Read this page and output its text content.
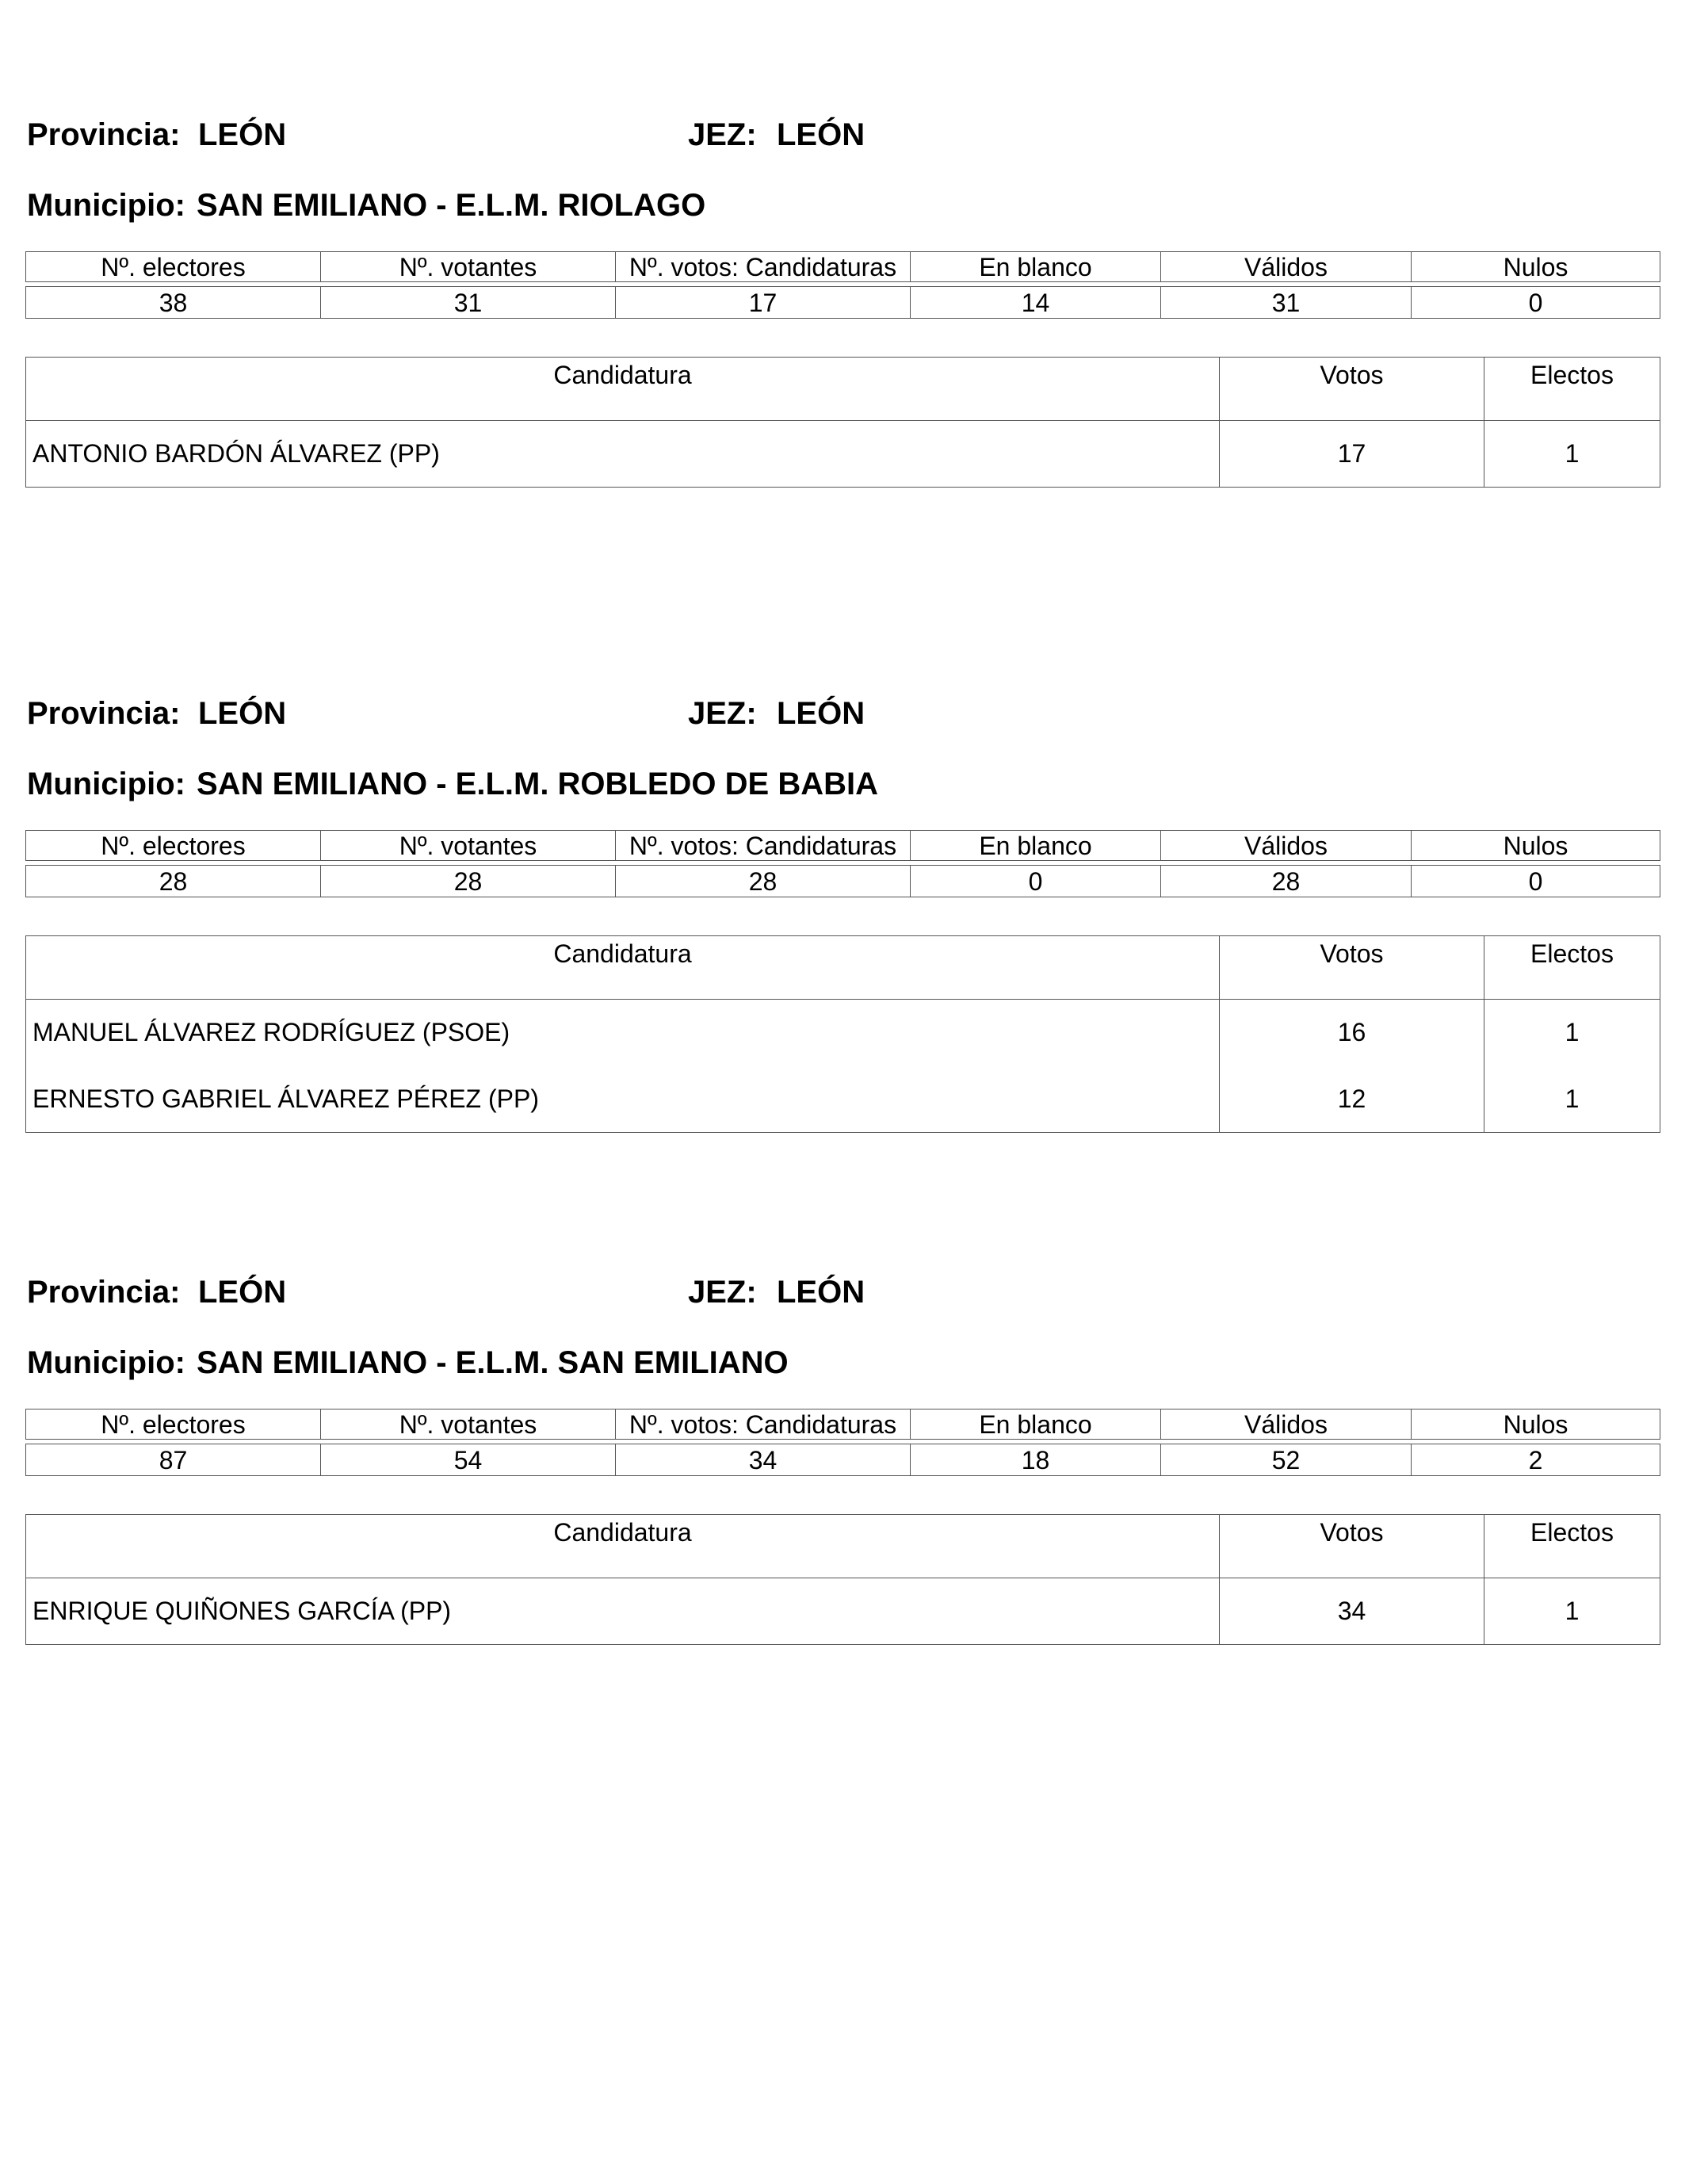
Provincia: LEÓN	JEZ: LEÓN
Municipio: SAN EMILIANO - E.L.M. RIOLAGO
Nº. electores	Nº. votantes	Nº. votos: Candidaturas	En blanco	Válidos	Nulos

38	31	17	14	31	0
Candidatura	Votos	Electos
ANTONIO BARDÓN ÁLVAREZ (PP)	17	1
Provincia: LEÓN	JEZ: LEÓN
Municipio: SAN EMILIANO - E.L.M. ROBLEDO DE BABIA
Nº. electores	Nº. votantes	Nº. votos: Candidaturas	En blanco	Válidos	Nulos

28	28	28	0	28	0
Candidatura	Votos	Electos
MANUEL ÁLVAREZ RODRÍGUEZ (PSOE)	16	1
ERNESTO GABRIEL ÁLVAREZ PÉREZ (PP)	12	1
Provincia: LEÓN	JEZ: LEÓN
Municipio: SAN EMILIANO - E.L.M. SAN EMILIANO
Nº. electores	Nº. votantes	Nº. votos: Candidaturas	En blanco	Válidos	Nulos

87	54	34	18	52	2
Candidatura	Votos	Electos
ENRIQUE QUIÑONES GARCÍA (PP)	34	1
